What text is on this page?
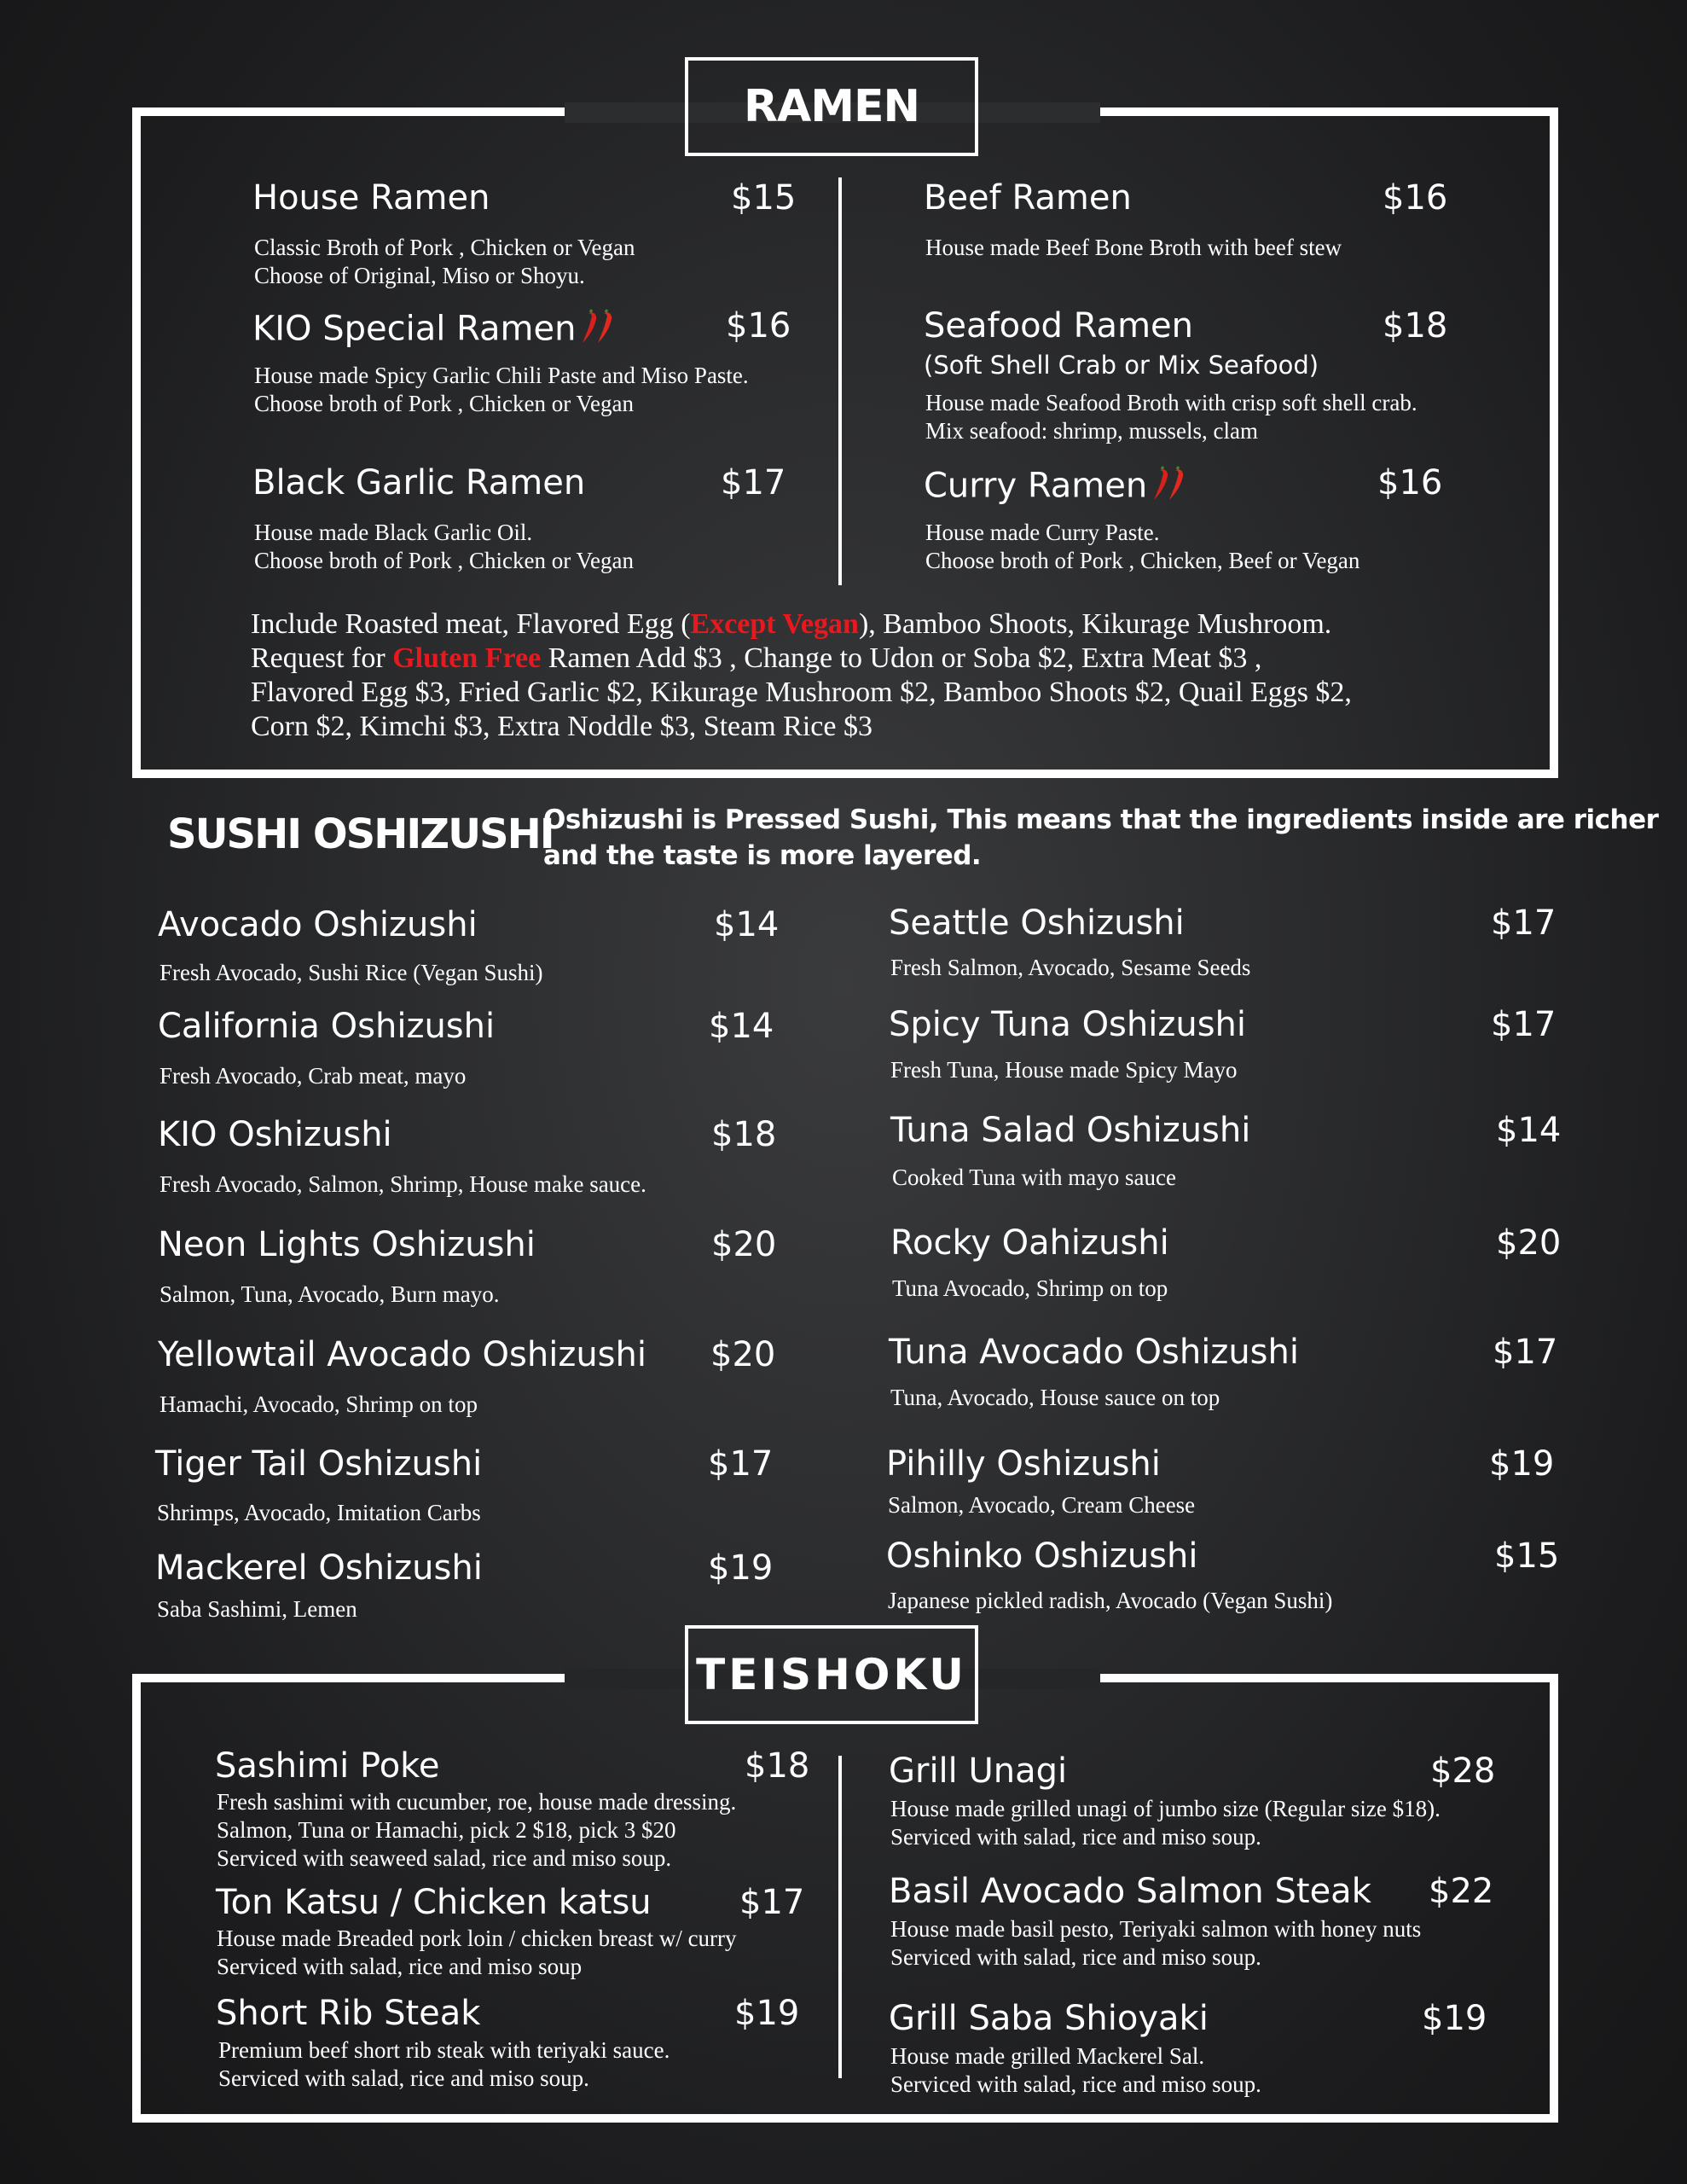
RAMEN
House Ramen	$15
Classic Broth of Pork , Chicken or Vegan
Choose of Original, Miso or Shoyu.
KIO Special Ramen	$16
House made Spicy Garlic Chili Paste and Miso Paste.
Choose broth of Pork , Chicken or Vegan
Black Garlic Ramen	$17
House made Black Garlic Oil.
Choose broth of Pork , Chicken or Vegan
Beef Ramen	$16
House made Beef Bone Broth with beef stew
Seafood Ramen	$18
(Soft Shell Crab or Mix Seafood)
House made Seafood Broth with crisp soft shell crab.
Mix seafood: shrimp, mussels, clam
Curry Ramen	$16
House made Curry Paste.
Choose broth of Pork , Chicken, Beef or Vegan
Include Roasted meat, Flavored Egg (Except Vegan), Bamboo Shoots, Kikurage Mushroom.
Request for Gluten Free Ramen Add $3 , Change to Udon or Soba $2, Extra Meat $3 ,
Flavored Egg $3, Fried Garlic $2, Kikurage Mushroom $2, Bamboo Shoots $2, Quail Eggs $2,
Corn $2, Kimchi $3, Extra Noddle $3, Steam Rice $3
SUSHI OSHIZUSHI
Oshizushi is Pressed Sushi, This means that the ingredients inside are richer
and the taste is more layered.
Avocado Oshizushi	$14
Fresh Avocado, Sushi Rice (Vegan Sushi)
California Oshizushi	$14
Fresh Avocado, Crab meat, mayo
KIO Oshizushi	$18
Fresh Avocado, Salmon, Shrimp, House make sauce.
Neon Lights Oshizushi	$20
Salmon, Tuna, Avocado, Burn mayo.
Yellowtail Avocado Oshizushi $20
Hamachi, Avocado, Shrimp on top
Tiger Tail Oshizushi	$17
Shrimps, Avocado, Imitation Carbs
Mackerel Oshizushi	$19
Saba Sashimi, Lemen
Seattle Oshizushi	$17
Fresh Salmon, Avocado, Sesame Seeds
Spicy Tuna Oshizushi	$17
Fresh Tuna, House made Spicy Mayo
Tuna Salad Oshizushi	$14
Cooked Tuna with mayo sauce
Rocky Oahizushi	$20
Tuna Avocado, Shrimp on top
Tuna Avocado Oshizushi	$17
Tuna, Avocado, House sauce on top
Pihilly Oshizushi	$19
Salmon, Avocado, Cream Cheese
Oshinko Oshizushi	$15
Japanese pickled radish, Avocado (Vegan Sushi)
TEISHOKU
Sashimi Poke	$18
Fresh sashimi with cucumber, roe, house made dressing.
Salmon, Tuna or Hamachi, pick 2 $18, pick 3 $20
Serviced with seaweed salad, rice and miso soup.
Ton Katsu / Chicken katsu	$17
House made Breaded pork loin / chicken breast w/ curry
Serviced with salad, rice and miso soup
Short Rib Steak	$19
Premium beef short rib steak with teriyaki sauce.
Serviced with salad, rice and miso soup.
Grill Unagi	$28
House made grilled unagi of jumbo size (Regular size $18).
Serviced with salad, rice and miso soup.
Basil Avocado Salmon Steak $22
House made basil pesto, Teriyaki salmon with honey nuts
Serviced with salad, rice and miso soup.
Grill Saba Shioyaki	$19
House made grilled Mackerel Sal.
Serviced with salad, rice and miso soup.
